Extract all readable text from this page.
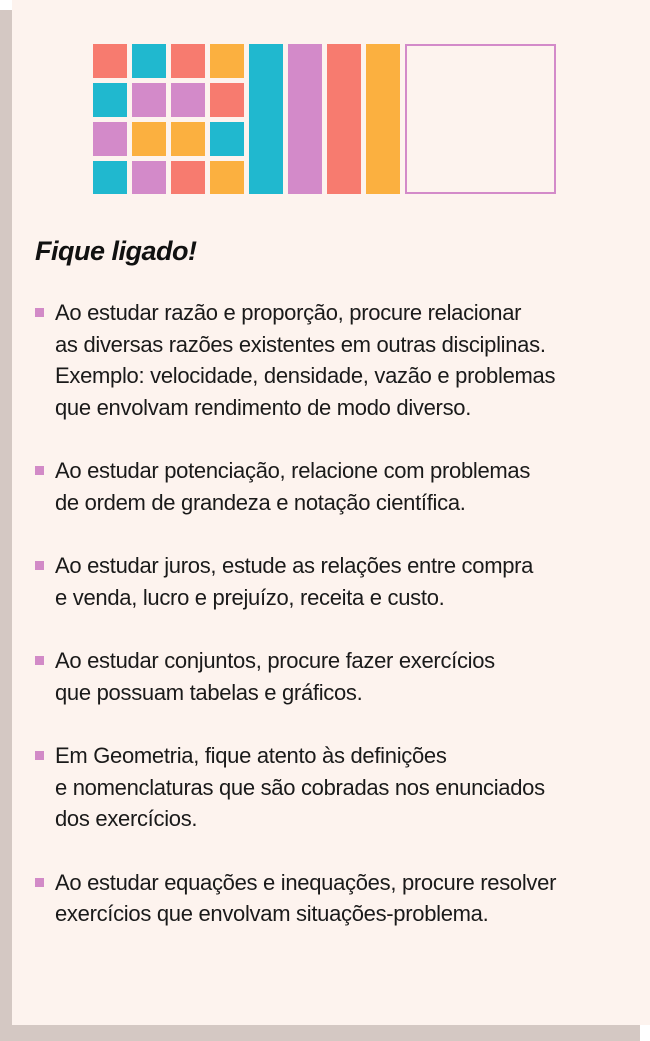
Fique ligado!
Ao estudar razão e proporção, procure relacionar
as diversas razões existentes em outras disciplinas.
Exemplo: velocidade, densidade, vazão e problemas
que envolvam rendimento de modo diverso.
Ao estudar potenciação, relacione com problemas
de ordem de grandeza e notação científica.
Ao estudar juros, estude as relações entre compra
e venda, lucro e prejuízo, receita e custo.
Ao estudar conjuntos, procure fazer exercícios
que possuam tabelas e gráficos.
Em Geometria, fique atento às definições
e nomenclaturas que são cobradas nos enunciados
dos exercícios.
Ao estudar equações e inequações, procure resolver
exercícios que envolvam situações-problema.
